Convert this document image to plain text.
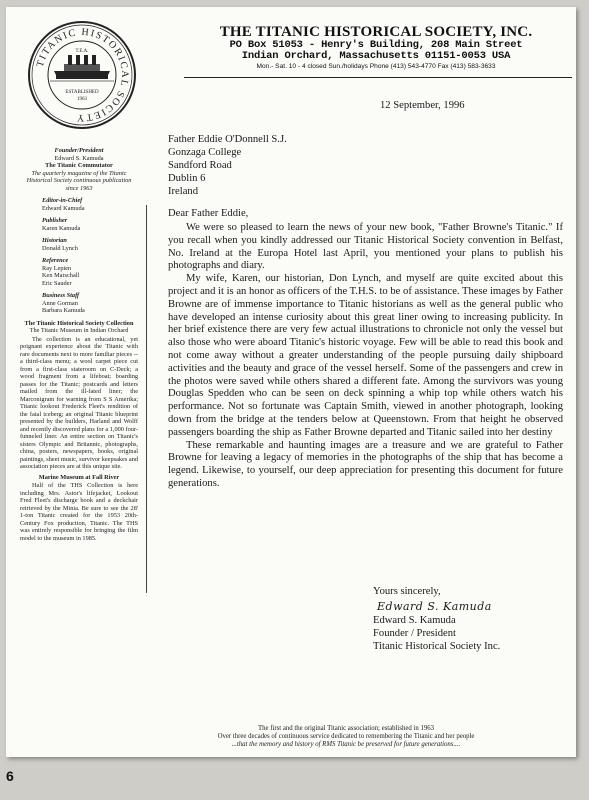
TITANIC HISTORICAL SOCIETY
T.E.A.
ESTABLISHED
1963
THE TITANIC HISTORICAL SOCIETY, INC.
PO Box 51053 - Henry's Building, 208 Main Street
Indian Orchard, Massachusetts 01151-0053 USA
Mon.- Sat. 10 - 4 closed Sun./holidays Phone (413) 543-4770 Fax (413) 583-3633
Founder/President
Edward S. Kamuda
The Titanic Commutator
The quarterly magazine of the Titanic Historical Society continuous publication since 1963
Editor-in-Chief
Edward Kamuda
Publisher
Karen Kamuda
Historian
Donald Lynch
Reference
Ray Lepien
Ken Marschall
Eric Sauder
Business Staff
Anne Gorman
Barbara Kamuda
The Titanic Historical Society Collection
The Titanic Museum in Indian Orchard
The collection is an educational, yet poignant experience about the Titanic with rare documents next to more familiar pieces -- a third-class menu; a wool carpet piece cut from a first-class stateroom on C-Deck; a wood fragment from a lifeboat; boarding passes for the Titanic; postcards and letters mailed from the ill-fated liner; the Marconigram for warning from S S Amerika; Titanic lookout Frederick Fleet's rendition of the fatal iceberg; an original Titanic blueprint presented by the builders, Harland and Wolff and recently discovered plans for a 1,000 four-funneled liner. An entire section on Titanic's sisters Olympic and Britannic, photographs, china, posters, newspapers, books, original paintings, sheet music, survivor keepsakes and association pieces are at this unique site.
Marine Museum at Fall River
Half of the THS Collection is here including Mrs. Astor's lifejacket, Lookout Fred Fleet's discharge book and a deckchair retrieved by the Minia. Be sure to see the 28' 1-ton Titanic created for the 1953 20th-Century Fox production, Titanic. The THS was entirely responsible for bringing the film model to the museum in 1985.
12 September, 1996
Father Eddie O'Donnell S.J.
Gonzaga College
Sandford Road
Dublin 6
Ireland
Dear Father Eddie,

We were so pleased to learn the news of your new book, "Father Browne's Titanic." If you recall when you kindly addressed our Titanic Historical Society convention in Belfast, No. Ireland at the Europa Hotel last April, you mentioned your plans to publish his photographs and diary.

My wife, Karen, our historian, Don Lynch, and myself are quite excited about this project and it is an honor as officers of the T.H.S. to be of assistance. These images by Father Browne are of immense importance to Titanic historians as well as the general public who have developed an intense curiosity about this great liner owing to increasing publicity. In her brief existence there are very few actual illustrations to chronicle not only the vessel but also those who were aboard Titanic's historic voyage. Few will be able to read this book and not come away without a greater understanding of the people pursuing daily shipboard activities and the beauty and grace of the vessel herself. Some of the passengers and crew in the photos were saved while others shared a different fate. Among the survivors was young Douglas Spedden who can be seen on deck spinning a whip top while others watch his performance. Not so fortunate was Captain Smith, viewed in another photograph, looking down from the bridge at the tenders below at Queenstown. From that height he observed passengers boarding the ship as Father Browne departed and Titanic sailed into her destiny

These remarkable and haunting images are a treasure and we are grateful to Father Browne for leaving a legacy of memories in the photographs of the ship that has become a legend. Likewise, to yourself, our deep appreciation for presenting this document for future generations.

Yours sincerely,
Edward S. Kamuda
Edward S. Kamuda
Founder / President
Titanic Historical Society Inc.
The first and the original Titanic association; established in 1963
Over three decades of continuous service dedicated to remembering the Titanic and her people
...that the memory and history of RMS Titanic be preserved for future generations....
6
